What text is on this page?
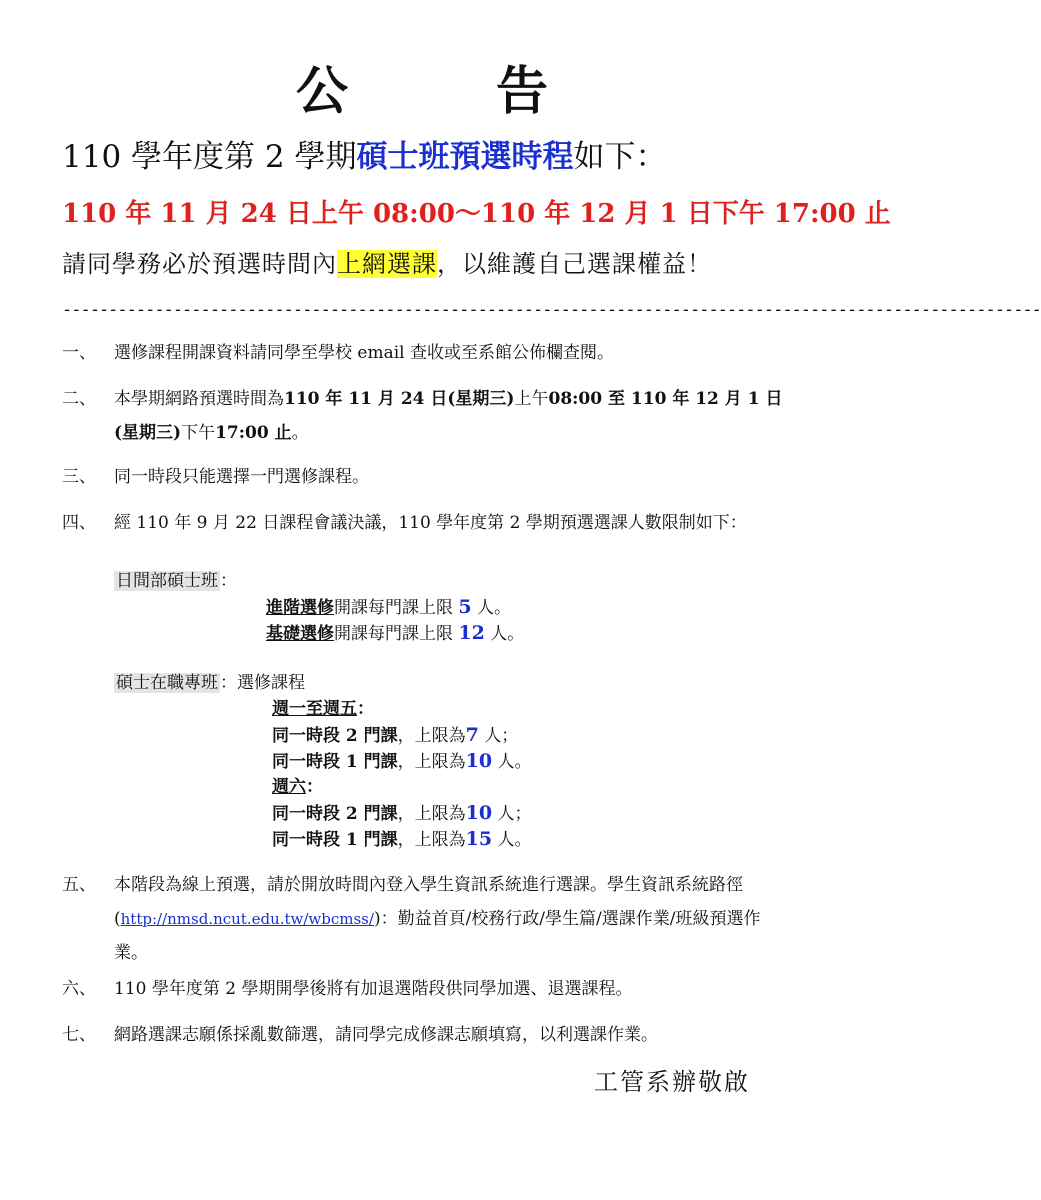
公	告
110 學年度第 2 學期碩士班預選時程如下：
110 年 11 月 24 日上午 08:00～110 年 12 月 1 日下午 17:00 止
請同學務必於預選時間內上網選課，以維護自己選課權益！
----------------------------------------------------------------------------------------------------------
一、	選修課程開課資料請同學至學校 email 查收或至系館公佈欄查閱。
二、	本學期網路預選時間為110 年 11 月 24 日(星期三)上午08:00 至 110 年 12 月 1 日(星期三)下午17:00 止。
三、	同一時段只能選擇一門選修課程。
四、	經 110 年 9 月 22 日課程會議決議，110 學年度第 2 學期預選選課人數限制如下：
日間部碩士班 ：
進階選修開課每門課上限 5 人。
基礎選修開課每門課上限 12 人。
碩士在職專班 ：選修課程
週一至週五：
同一時段 2 門課，上限為7 人；
同一時段 1 門課，上限為10 人。
週六：
同一時段 2 門課，上限為10 人；
同一時段 1 門課，上限為15 人。
五、	本階段為線上預選，請於開放時間內登入學生資訊系統進行選課。學生資訊系統路徑(http://nmsd.ncut.edu.tw/wbcmss/)：勤益首頁/校務行政/學生篇/選課作業/班級預選作業。
六、	110 學年度第 2 學期開學後將有加退選階段供同學加選、退選課程。
七、	網路選課志願係採亂數篩選，請同學完成修課志願填寫，以利選課作業。
工管系辦敬啟
